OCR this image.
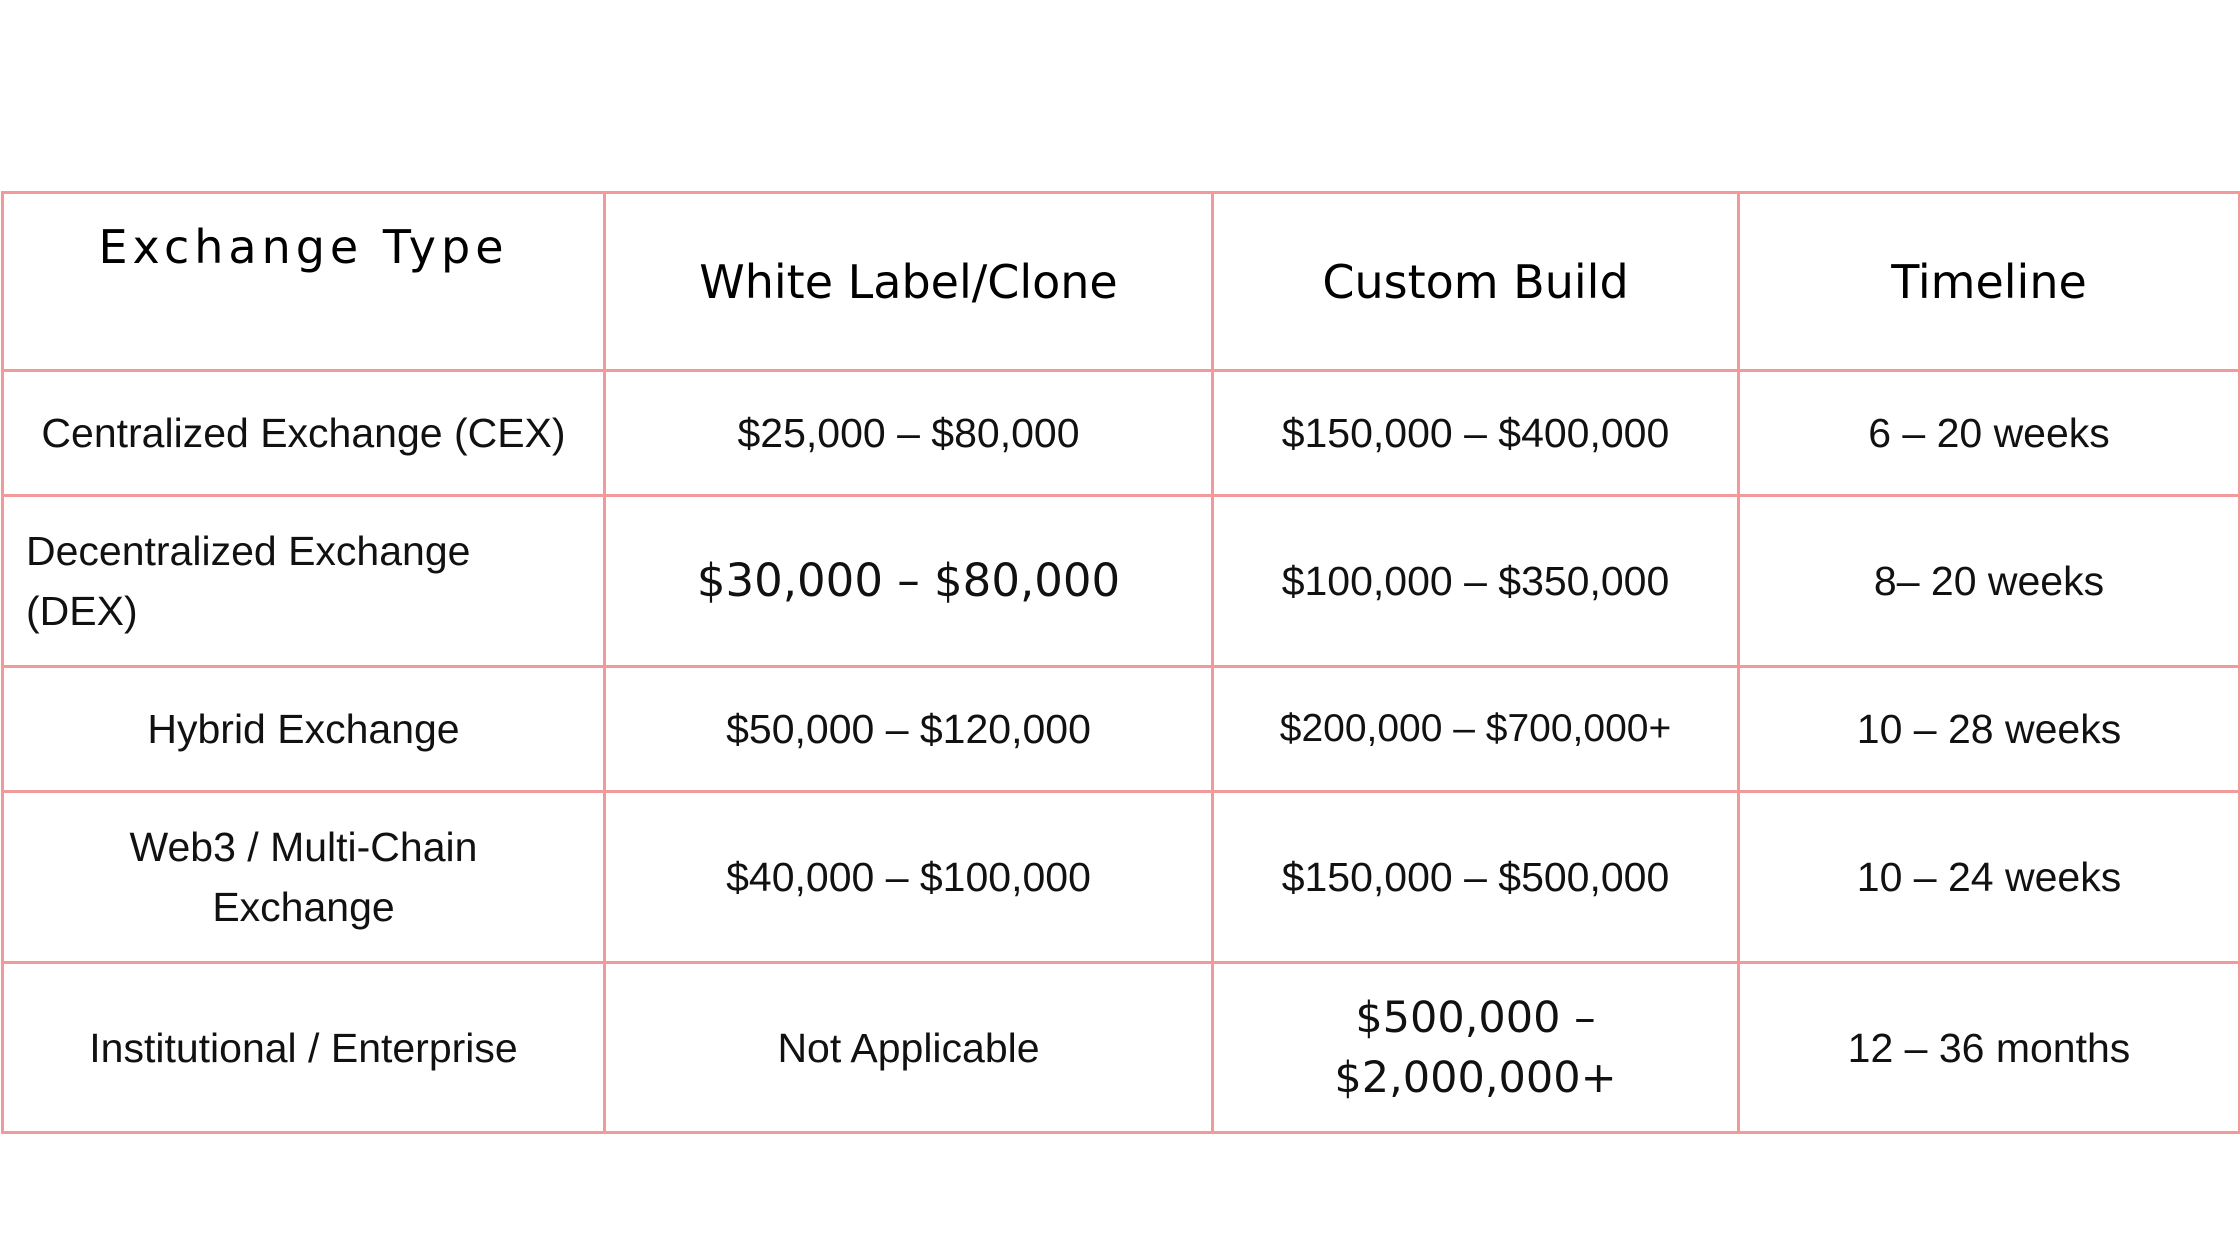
Exchange Type	White Label/Clone	Custom Build	Timeline
Centralized Exchange (CEX)	$25,000 – $80,000	$150,000 – $400,000	6 – 20 weeks
Decentralized Exchange (DEX)	$30,000 – $80,000	$100,000 – $350,000	8– 20 weeks
Hybrid Exchange	$50,000 – $120,000	$200,000 – $700,000+	10 – 28 weeks
Web3 / Multi-Chain Exchange	$40,000 – $100,000	$150,000 – $500,000	10 – 24 weeks
Institutional / Enterprise	Not Applicable	$500,000 – $2,000,000+	12 – 36 months
